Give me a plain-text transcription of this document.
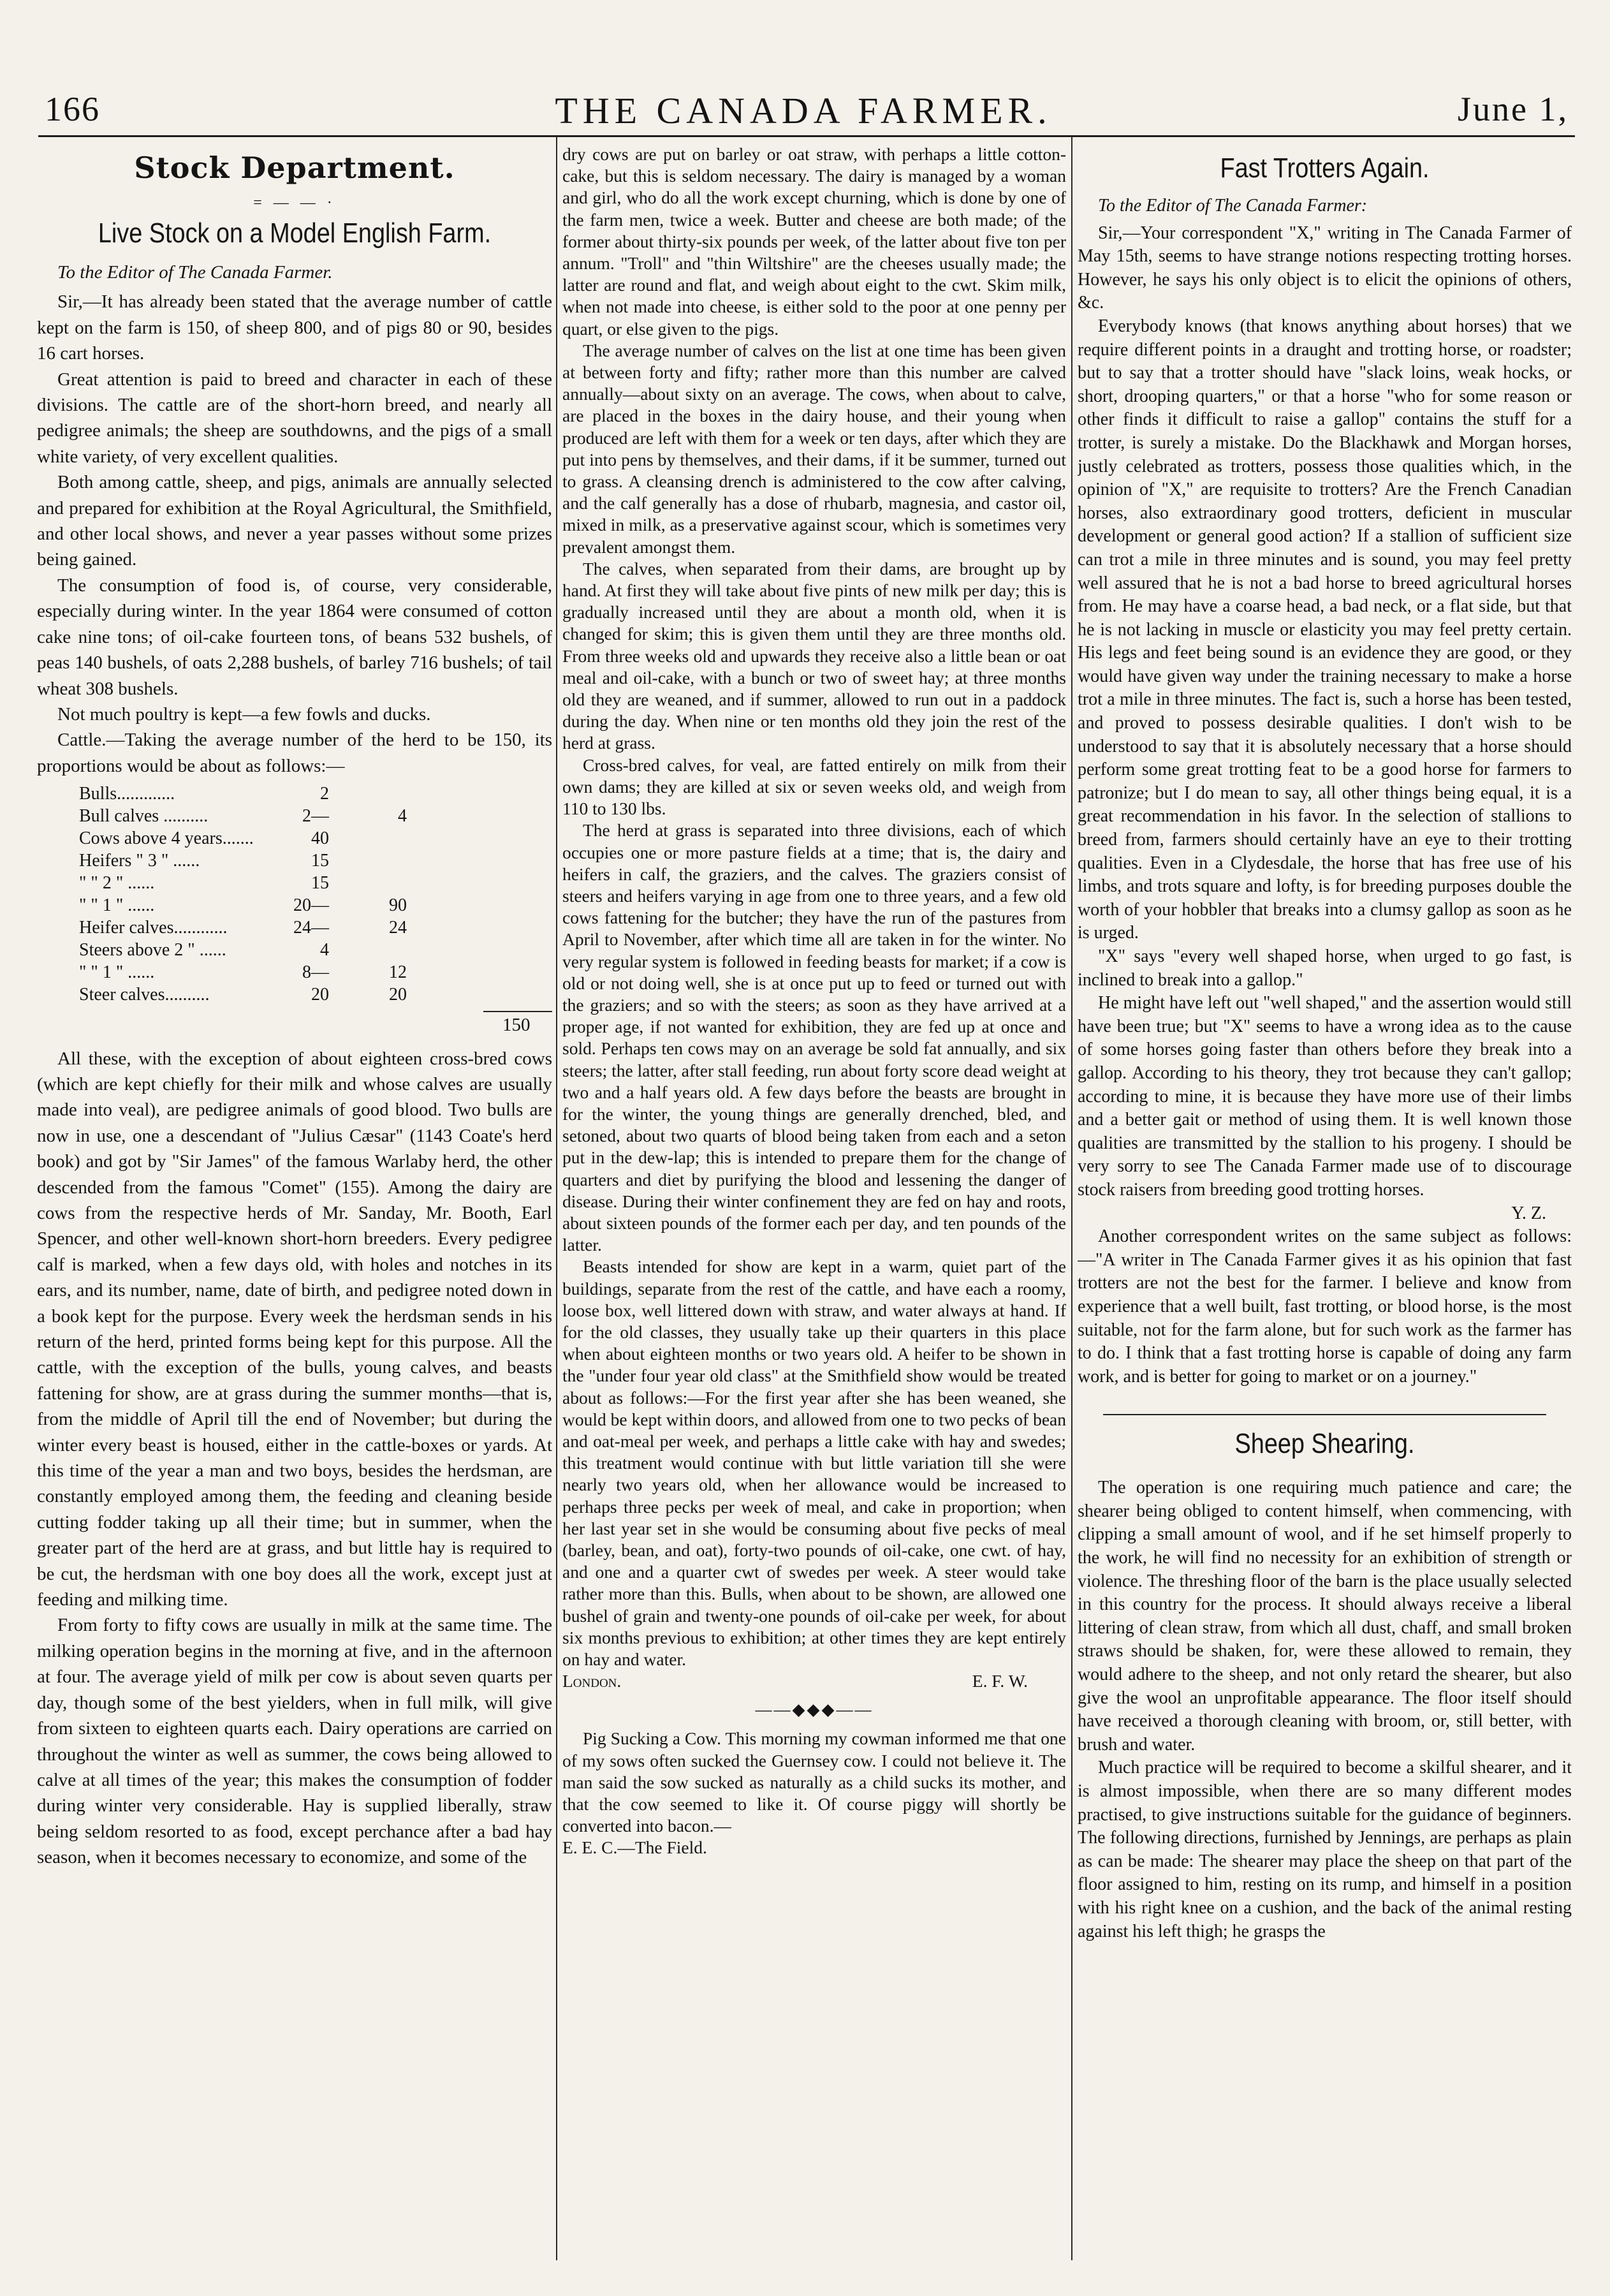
166	THE CANADA FARMER.	June 1,
Stock Department.
= — — ·
Live Stock on a Model English Farm.
To the Editor of The Canada Farmer.

Sir,—It has already been stated that the average number of cattle kept on the farm is 150, of sheep 800, and of pigs 80 or 90, besides 16 cart horses.

Great attention is paid to breed and character in each of these divisions. The cattle are of the short-horn breed, and nearly all pedigree animals; the sheep are southdowns, and the pigs of a small white variety, of very excellent qualities.

Both among cattle, sheep, and pigs, animals are annually selected and prepared for exhibition at the Royal Agricultural, the Smithfield, and other local shows, and never a year passes without some prizes being gained.

The consumption of food is, of course, very considerable, especially during winter. In the year 1864 were consumed of cotton cake nine tons; of oil-cake fourteen tons, of beans 532 bushels, of peas 140 bushels, of oats 2,288 bushels, of barley 716 bushels; of tail wheat 308 bushels.

Not much poultry is kept—a few fowls and ducks.

Cattle.—Taking the average number of the herd to be 150, its proportions would be about as follows:—

Bulls.............	2	
Bull calves ..........	2—	4
Cows above 4 years.......	40	
Heifers " 3 " ......	15	
" " 2 " ......	15	
" " 1 " ......	20—	90
Heifer calves............	24—	24
Steers above 2 " ......	4	
" " 1 " ......	8—	12
Steer calves..........	20	20
150

All these, with the exception of about eighteen cross-bred cows (which are kept chiefly for their milk and whose calves are usually made into veal), are pedigree animals of good blood. Two bulls are now in use, one a descendant of "Julius Cæsar" (1143 Coate's herd book) and got by "Sir James" of the famous Warlaby herd, the other descended from the famous "Comet" (155). Among the dairy are cows from the respective herds of Mr. Sanday, Mr. Booth, Earl Spencer, and other well-known short-horn breeders. Every pedigree calf is marked, when a few days old, with holes and notches in its ears, and its number, name, date of birth, and pedigree noted down in a book kept for the purpose. Every week the herdsman sends in his return of the herd, printed forms being kept for this purpose. All the cattle, with the exception of the bulls, young calves, and beasts fattening for show, are at grass during the summer months—that is, from the middle of April till the end of November; but during the winter every beast is housed, either in the cattle-boxes or yards. At this time of the year a man and two boys, besides the herdsman, are constantly employed among them, the feeding and cleaning beside cutting fodder taking up all their time; but in summer, when the greater part of the herd are at grass, and but little hay is required to be cut, the herdsman with one boy does all the work, except just at feeding and milking time.

From forty to fifty cows are usually in milk at the same time. The milking operation begins in the morning at five, and in the afternoon at four. The average yield of milk per cow is about seven quarts per day, though some of the best yielders, when in full milk, will give from sixteen to eighteen quarts each. Dairy operations are carried on throughout the winter as well as summer, the cows being allowed to calve at all times of the year; this makes the consumption of fodder during winter very considerable. Hay is supplied liberally, straw being seldom resorted to as food, except perchance after a bad hay season, when it becomes necessary to economize, and some of the

dry cows are put on barley or oat straw, with perhaps a little cotton-cake, but this is seldom necessary. The dairy is managed by a woman and girl, who do all the work except churning, which is done by one of the farm men, twice a week. Butter and cheese are both made; of the former about thirty-six pounds per week, of the latter about five ton per annum. "Troll" and "thin Wiltshire" are the cheeses usually made; the latter are round and flat, and weigh about eight to the cwt. Skim milk, when not made into cheese, is either sold to the poor at one penny per quart, or else given to the pigs.

The average number of calves on the list at one time has been given at between forty and fifty; rather more than this number are calved annually—about sixty on an average. The cows, when about to calve, are placed in the boxes in the dairy house, and their young when produced are left with them for a week or ten days, after which they are put into pens by themselves, and their dams, if it be summer, turned out to grass. A cleansing drench is administered to the cow after calving, and the calf generally has a dose of rhubarb, magnesia, and castor oil, mixed in milk, as a preservative against scour, which is sometimes very prevalent amongst them.

The calves, when separated from their dams, are brought up by hand. At first they will take about five pints of new milk per day; this is gradually increased until they are about a month old, when it is changed for skim; this is given them until they are three months old. From three weeks old and upwards they receive also a little bean or oat meal and oil-cake, with a bunch or two of sweet hay; at three months old they are weaned, and if summer, allowed to run out in a paddock during the day. When nine or ten months old they join the rest of the herd at grass.

Cross-bred calves, for veal, are fatted entirely on milk from their own dams; they are killed at six or seven weeks old, and weigh from 110 to 130 lbs.

The herd at grass is separated into three divisions, each of which occupies one or more pasture fields at a time; that is, the dairy and heifers in calf, the graziers, and the calves. The graziers consist of steers and heifers varying in age from one to three years, and a few old cows fattening for the butcher; they have the run of the pastures from April to November, after which time all are taken in for the winter. No very regular system is followed in feeding beasts for market; if a cow is old or not doing well, she is at once put up to feed or turned out with the graziers; and so with the steers; as soon as they have arrived at a proper age, if not wanted for exhibition, they are fed up at once and sold. Perhaps ten cows may on an average be sold fat annually, and six steers; the latter, after stall feeding, run about forty score dead weight at two and a half years old. A few days before the beasts are brought in for the winter, the young things are generally drenched, bled, and setoned, about two quarts of blood being taken from each and a seton put in the dew-lap; this is intended to prepare them for the change of quarters and diet by purifying the blood and lessening the danger of disease. During their winter confinement they are fed on hay and roots, about sixteen pounds of the former each per day, and ten pounds of the latter.

Beasts intended for show are kept in a warm, quiet part of the buildings, separate from the rest of the cattle, and have each a roomy, loose box, well littered down with straw, and water always at hand. If for the old classes, they usually take up their quarters in this place when about eighteen months or two years old. A heifer to be shown in the "under four year old class" at the Smithfield show would be treated about as follows:—For the first year after she has been weaned, she would be kept within doors, and allowed from one to two pecks of bean and oat-meal per week, and perhaps a little cake with hay and swedes; this treatment would continue with but little variation till she were nearly two years old, when her allowance would be increased to perhaps three pecks per week of meal, and cake in proportion; when her last year set in she would be consuming about five pecks of meal (barley, bean, and oat), forty-two pounds of oil-cake, one cwt. of hay, and one and a quarter cwt of swedes per week. A steer would take rather more than this. Bulls, when about to be shown, are allowed one bushel of grain and twenty-one pounds of oil-cake per week, for about six months previous to exhibition; at other times they are kept entirely on hay and water.

London.	E. F. W.
——◆◆◆——

Pig Sucking a Cow. This morning my cowman informed me that one of my sows often sucked the Guernsey cow. I could not believe it. The man said the sow sucked as naturally as a child sucks its mother, and that the cow seemed to like it. Of course piggy will shortly be converted into bacon.—

E. E. C.—The Field.

Fast Trotters Again.
To the Editor of The Canada Farmer:

Sir,—Your correspondent "X," writing in The Canada Farmer of May 15th, seems to have strange notions respecting trotting horses. However, he says his only object is to elicit the opinions of others, &c.

Everybody knows (that knows anything about horses) that we require different points in a draught and trotting horse, or roadster; but to say that a trotter should have "slack loins, weak hocks, or short, drooping quarters," or that a horse "who for some reason or other finds it difficult to raise a gallop" contains the stuff for a trotter, is surely a mistake. Do the Blackhawk and Morgan horses, justly celebrated as trotters, possess those qualities which, in the opinion of "X," are requisite to trotters? Are the French Canadian horses, also extraordinary good trotters, deficient in muscular development or general good action? If a stallion of sufficient size can trot a mile in three minutes and is sound, you may feel pretty well assured that he is not a bad horse to breed agricultural horses from. He may have a coarse head, a bad neck, or a flat side, but that he is not lacking in muscle or elasticity you may feel pretty certain. His legs and feet being sound is an evidence they are good, or they would have given way under the training necessary to make a horse trot a mile in three minutes. The fact is, such a horse has been tested, and proved to possess desirable qualities. I don't wish to be understood to say that it is absolutely necessary that a horse should perform some great trotting feat to be a good horse for farmers to patronize; but I do mean to say, all other things being equal, it is a great recommendation in his favor. In the selection of stallions to breed from, farmers should certainly have an eye to their trotting qualities. Even in a Clydesdale, the horse that has free use of his limbs, and trots square and lofty, is for breeding purposes double the worth of your hobbler that breaks into a clumsy gallop as soon as he is urged.

"X" says "every well shaped horse, when urged to go fast, is inclined to break into a gallop."

He might have left out "well shaped," and the assertion would still have been true; but "X" seems to have a wrong idea as to the cause of some horses going faster than others before they break into a gallop. According to his theory, they trot because they can't gallop; according to mine, it is because they have more use of their limbs and a better gait or method of using them. It is well known those qualities are transmitted by the stallion to his progeny. I should be very sorry to see The Canada Farmer made use of to discourage stock raisers from breeding good trotting horses.

Y. Z.

Another correspondent writes on the same subject as follows:—"A writer in The Canada Farmer gives it as his opinion that fast trotters are not the best for the farmer. I believe and know from experience that a well built, fast trotting, or blood horse, is the most suitable, not for the farm alone, but for such work as the farmer has to do. I think that a fast trotting horse is capable of doing any farm work, and is better for going to market or on a journey."

Sheep Shearing.

The operation is one requiring much patience and care; the shearer being obliged to content himself, when commencing, with clipping a small amount of wool, and if he set himself properly to the work, he will find no necessity for an exhibition of strength or violence. The threshing floor of the barn is the place usually selected in this country for the process. It should always receive a liberal littering of clean straw, from which all dust, chaff, and small broken straws should be shaken, for, were these allowed to remain, they would adhere to the sheep, and not only retard the shearer, but also give the wool an unprofitable appearance. The floor itself should have received a thorough cleaning with broom, or, still better, with brush and water.

Much practice will be required to become a skilful shearer, and it is almost impossible, when there are so many different modes practised, to give instructions suitable for the guidance of beginners. The following directions, furnished by Jennings, are perhaps as plain as can be made: The shearer may place the sheep on that part of the floor assigned to him, resting on its rump, and himself in a position with his right knee on a cushion, and the back of the animal resting against his left thigh; he grasps the
